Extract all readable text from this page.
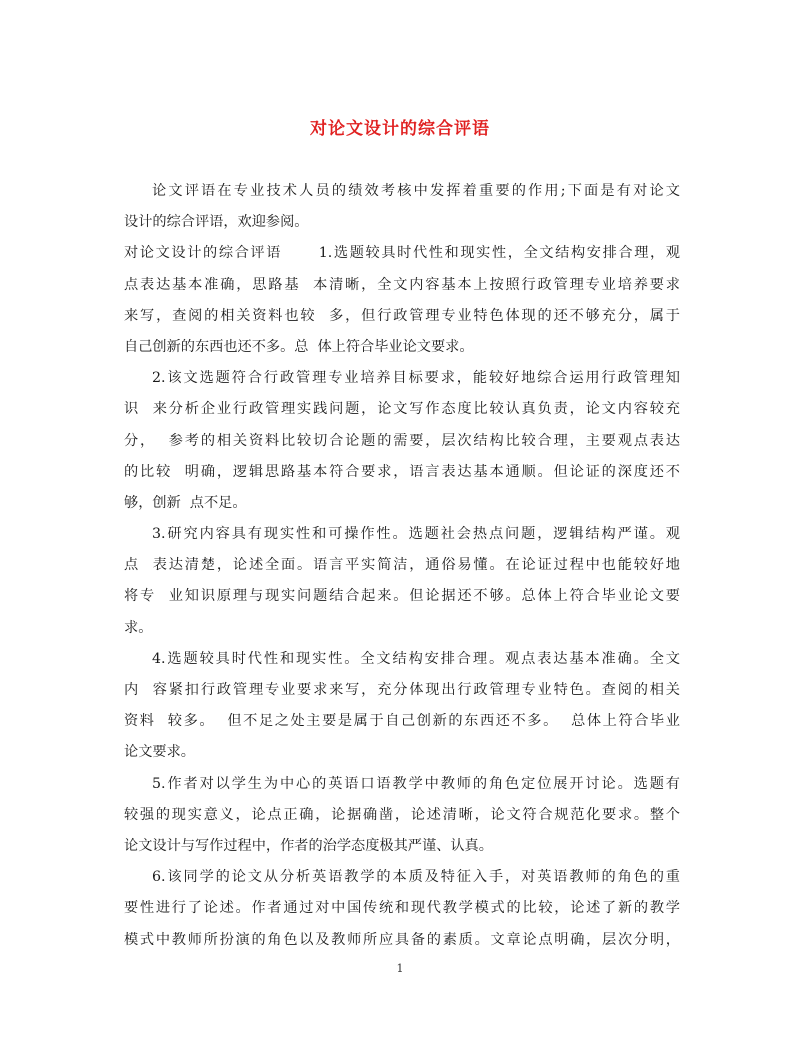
对论文设计的综合评语
论文评语在专业技术人员的绩效考核中发挥着重要的作用;下面是有对论文
设计的综合评语，欢迎参阅。
对论文设计的综合评语      1.选题较具时代性和现实性，全文结构安排合理，观
点表达基本准确，思路基  本清晰，全文内容基本上按照行政管理专业培养要求
来写，查阅的相关资料也较  多，但行政管理专业特色体现的还不够充分，属于
自己创新的东西也还不多。总  体上符合毕业论文要求。
2.该文选题符合行政管理专业培养目标要求，能较好地综合运用行政管理知
识  来分析企业行政管理实践问题，论文写作态度比较认真负责，论文内容较充
分，  参考的相关资料比较切合论题的需要，层次结构比较合理，主要观点表达
的比较  明确，逻辑思路基本符合要求，语言表达基本通顺。但论证的深度还不
够，创新  点不足。
3.研究内容具有现实性和可操作性。选题社会热点问题，逻辑结构严谨。观
点  表达清楚，论述全面。语言平实简洁，通俗易懂。在论证过程中也能较好地
将专  业知识原理与现实问题结合起来。但论据还不够。总体上符合毕业论文要
求。
4.选题较具时代性和现实性。全文结构安排合理。观点表达基本准确。全文
内  容紧扣行政管理专业要求来写，充分体现出行政管理专业特色。查阅的相关
资料  较多。  但不足之处主要是属于自己创新的东西还不多。  总体上符合毕业
论文要求。
5.作者对以学生为中心的英语口语教学中教师的角色定位展开讨论。选题有
较强的现实意义，论点正确，论据确凿，论述清晰，论文符合规范化要求。整个
论文设计与写作过程中，作者的治学态度极其严谨、认真。
6.该同学的论文从分析英语教学的本质及特征入手，对英语教师的角色的重
要性进行了论述。作者通过对中国传统和现代教学模式的比较，论述了新的教学
模式中教师所扮演的角色以及教师所应具备的素质。文章论点明确，层次分明，
1
